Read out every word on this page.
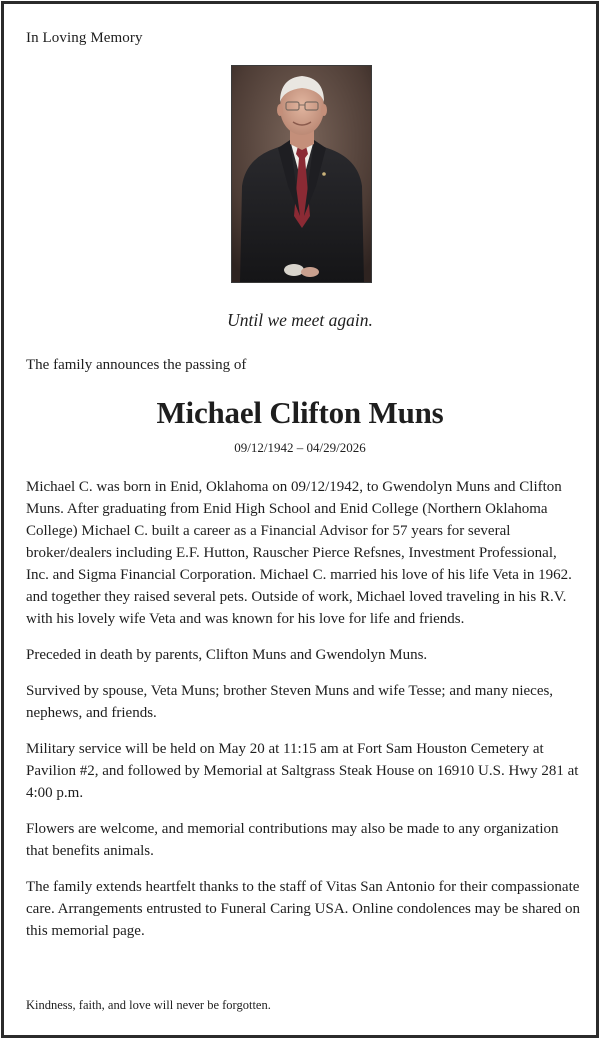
In Loving Memory
Until we meet again.
The family announces the passing of
Michael Clifton Muns
09/12/1942 – 04/29/2026

Michael C. was born in Enid, Oklahoma on 09/12/1942, to Gwendolyn Muns and Clifton Muns. After graduating from Enid High School and Enid College (Northern Oklahoma College) Michael C. built a career as a Financial Advisor for 57 years for several broker/dealers including E.F. Hutton, Rauscher Pierce Refsnes, Investment Professional, Inc. and Sigma Financial Corporation. Michael C. married his love of his life Veta in 1962. and together they raised several pets. Outside of work, Michael loved traveling in his R.V. with his lovely wife Veta and was known for his love for life and friends.

Preceded in death by parents, Clifton Muns and Gwendolyn Muns.

Survived by spouse, Veta Muns; brother Steven Muns and wife Tesse; and many nieces, nephews, and friends.

Military service will be held on May 20 at 11:15 am at Fort Sam Houston Cemetery at Pavilion #2, and followed by Memorial at Saltgrass Steak House on 16910 U.S. Hwy 281 at 4:00 p.m.

Flowers are welcome, and memorial contributions may also be made to any organization that benefits animals.

The family extends heartfelt thanks to the staff of Vitas San Antonio for their compassionate care. Arrangements entrusted to Funeral Caring USA. Online condolences may be shared on this memorial page.

Kindness, faith, and love will never be forgotten.
